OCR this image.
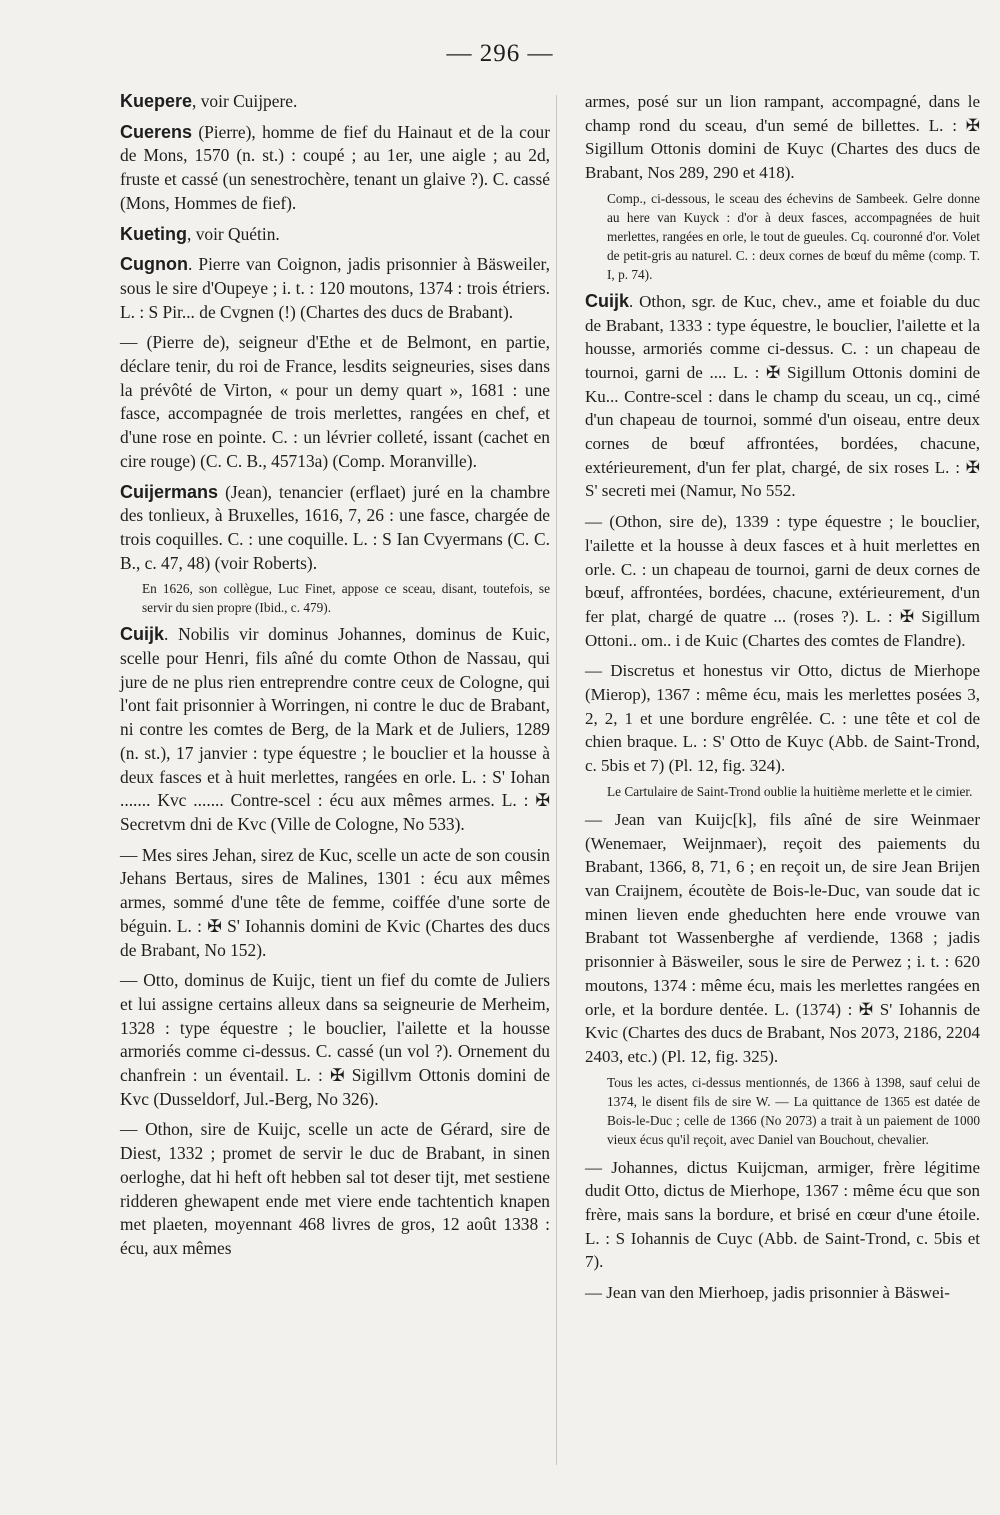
— 296 —

Kuepere, voir Cuijpere.

Cuerens (Pierre), homme de fief du Hainaut et de la cour de Mons, 1570 (n. st.) : coupé ; au 1er, une aigle ; au 2d, fruste et cassé (un senestrochère, tenant un glaive ?). C. cassé (Mons, Hommes de fief).

Kueting, voir Quétin.

Cugnon. Pierre van Coignon, jadis prisonnier à Bäsweiler, sous le sire d'Oupeye ; i. t. : 120 moutons, 1374 : trois étriers. L. : S Pir... de Cvgnen (!) (Chartes des ducs de Brabant).

— (Pierre de), seigneur d'Ethe et de Belmont, en partie, déclare tenir, du roi de France, lesdits seigneuries, sises dans la prévôté de Virton, « pour un demy quart », 1681 : une fasce, accompagnée de trois merlettes, rangées en chef, et d'une rose en pointe. C. : un lévrier colleté, issant (cachet en cire rouge) (C. C. B., 45713a) (Comp. Moranville).

Cuijermans (Jean), tenancier (erflaet) juré en la chambre des tonlieux, à Bruxelles, 1616, 7, 26 : une fasce, chargée de trois coquilles. C. : une coquille. L. : S Ian Cvyermans (C. C. B., c. 47, 48) (voir Roberts).

En 1626, son collègue, Luc Finet, appose ce sceau, disant, toutefois, se servir du sien propre (Ibid., c. 479).

Cuijk. Nobilis vir dominus Johannes, dominus de Kuic, scelle pour Henri, fils aîné du comte Othon de Nassau, qui jure de ne plus rien entreprendre contre ceux de Cologne, qui l'ont fait prisonnier à Worringen, ni contre le duc de Brabant, ni contre les comtes de Berg, de la Mark et de Juliers, 1289 (n. st.), 17 janvier : type équestre ; le bouclier et la housse à deux fasces et à huit merlettes, rangées en orle. L. : S' Iohan ....... Kvc ....... Contre-scel : écu aux mêmes armes. L. : ✠ Secretvm dni de Kvc (Ville de Cologne, No 533).

— Mes sires Jehan, sirez de Kuc, scelle un acte de son cousin Jehans Bertaus, sires de Malines, 1301 : écu aux mêmes armes, sommé d'une tête de femme, coiffée d'une sorte de béguin. L. : ✠ S' Iohannis domini de Kvic (Chartes des ducs de Brabant, No 152).

— Otto, dominus de Kuijc, tient un fief du comte de Juliers et lui assigne certains alleux dans sa seigneurie de Merheim, 1328 : type équestre ; le bouclier, l'ailette et la housse armoriés comme ci-dessus. C. cassé (un vol ?). Ornement du chanfrein : un éventail. L. : ✠ Sigillvm Ottonis domini de Kvc (Dusseldorf, Jul.-Berg, No 326).

— Othon, sire de Kuijc, scelle un acte de Gérard, sire de Diest, 1332 ; promet de servir le duc de Brabant, in sinen oerloghe, dat hi heft oft hebben sal tot deser tijt, met sestiene ridderen ghewapent ende met viere ende tachtentich knapen met plaeten, moyennant 468 livres de gros, 12 août 1338 : écu, aux mêmes

armes, posé sur un lion rampant, accompagné, dans le champ rond du sceau, d'un semé de billettes. L. : ✠ Sigillum Ottonis domini de Kuyc (Chartes des ducs de Brabant, Nos 289, 290 et 418).

Comp., ci-dessous, le sceau des échevins de Sambeek. Gelre donne au here van Kuyck : d'or à deux fasces, accompagnées de huit merlettes, rangées en orle, le tout de gueules. Cq. couronné d'or. Volet de petit-gris au naturel. C. : deux cornes de bœuf du même (comp. T. I, p. 74).

Cuijk. Othon, sgr. de Kuc, chev., ame et foiable du duc de Brabant, 1333 : type équestre, le bouclier, l'ailette et la housse, armoriés comme ci-dessus. C. : un chapeau de tournoi, garni de .... L. : ✠ Sigillum Ottonis domini de Ku... Contre-scel : dans le champ du sceau, un cq., cimé d'un chapeau de tournoi, sommé d'un oiseau, entre deux cornes de bœuf affrontées, bordées, chacune, extérieurement, d'un fer plat, chargé, de six roses L. : ✠ S' secreti mei (Namur, No 552.

— (Othon, sire de), 1339 : type équestre ; le bouclier, l'ailette et la housse à deux fasces et à huit merlettes en orle. C. : un chapeau de tournoi, garni de deux cornes de bœuf, affrontées, bordées, chacune, extérieurement, d'un fer plat, chargé de quatre ... (roses ?). L. : ✠ Sigillum Ottoni.. om.. i de Kuic (Chartes des comtes de Flandre).

— Discretus et honestus vir Otto, dictus de Mierhope (Mierop), 1367 : même écu, mais les merlettes posées 3, 2, 2, 1 et une bordure engrêlée. C. : une tête et col de chien braque. L. : S' Otto de Kuyc (Abb. de Saint-Trond, c. 5bis et 7) (Pl. 12, fig. 324).

Le Cartulaire de Saint-Trond oublie la huitième merlette et le cimier.

— Jean van Kuijc[k], fils aîné de sire Weinmaer (Wenemaer, Weijnmaer), reçoit des paiements du Brabant, 1366, 8, 71, 6 ; en reçoit un, de sire Jean Brijen van Craijnem, écoutète de Bois-le-Duc, van soude dat ic minen lieven ende gheduchten here ende vrouwe van Brabant tot Wassenberghe af verdiende, 1368 ; jadis prisonnier à Bäsweiler, sous le sire de Perwez ; i. t. : 620 moutons, 1374 : même écu, mais les merlettes rangées en orle, et la bordure dentée. L. (1374) : ✠ S' Iohannis de Kvic (Chartes des ducs de Brabant, Nos 2073, 2186, 2204 2403, etc.) (Pl. 12, fig. 325).

Tous les actes, ci-dessus mentionnés, de 1366 à 1398, sauf celui de 1374, le disent fils de sire W. — La quittance de 1365 est datée de Bois-le-Duc ; celle de 1366 (No 2073) a trait à un paiement de 1000 vieux écus qu'il reçoit, avec Daniel van Bouchout, chevalier.

— Johannes, dictus Kuijcman, armiger, frère légitime dudit Otto, dictus de Mierhope, 1367 : même écu que son frère, mais sans la bordure, et brisé en cœur d'une étoile. L. : S Iohannis de Cuyc (Abb. de Saint-Trond, c. 5bis et 7).

— Jean van den Mierhoep, jadis prisonnier à Bäswei-
